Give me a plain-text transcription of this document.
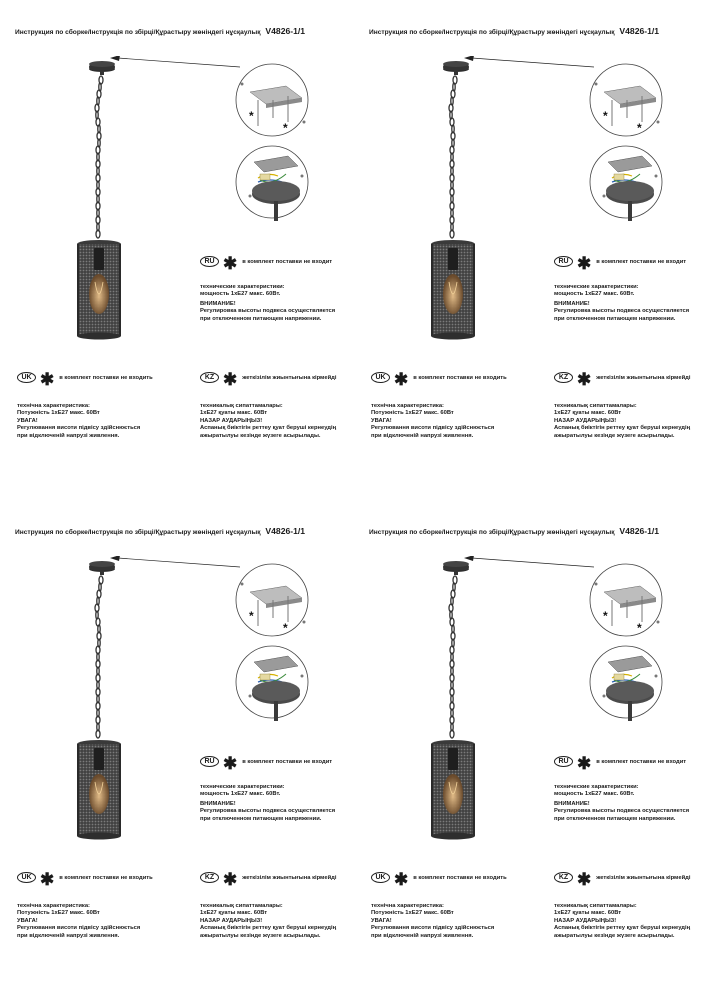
Инструкция по сборке/Інструкція по збірці/Құрастыру жөніндегі нұсқаулық V4826-1/1
*
*
RU ✱ в комплект поставки не входит
технические характеристики:
мощность 1хЕ27 макс. 60Вт.
ВНИМАНИЕ!
Регулировка высоты подвеса осуществляется
при отключенном питающем напряжении.
UK ✱ в комплект поставки не входить
технічна характеристика:
Потужність 1хЕ27 макс. 60Вт
УВАГА!
Регулювання висоти підвісу здійснюється
при відключеній напрузі живлення.
KZ ✱ жеткізілім жиынтығына кірмейді
техникалық сипаттамалары:
1хЕ27 қуаты макс. 60Вт
НАЗАР АУДАРЫҢЫЗ!
Аспанық биіктігін реттеу қуат беруші кернеудің
ажыратылуы кезінде жүзеге асырылады.
Инструкция по сборке/Інструкція по збірці/Құрастыру жөніндегі нұсқаулық V4826-1/1
*
*
RU ✱ в комплект поставки не входит
технические характеристики:
мощность 1хЕ27 макс. 60Вт.
ВНИМАНИЕ!
Регулировка высоты подвеса осуществляется
при отключенном питающем напряжении.
UK ✱ в комплект поставки не входить
технічна характеристика:
Потужність 1хЕ27 макс. 60Вт
УВАГА!
Регулювання висоти підвісу здійснюється
при відключеній напрузі живлення.
KZ ✱ жеткізілім жиынтығына кірмейді
техникалық сипаттамалары:
1хЕ27 қуаты макс. 60Вт
НАЗАР АУДАРЫҢЫЗ!
Аспанық биіктігін реттеу қуат беруші кернеудің
ажыратылуы кезінде жүзеге асырылады.
Инструкция по сборке/Інструкція по збірці/Құрастыру жөніндегі нұсқаулық V4826-1/1
*
*
RU ✱ в комплект поставки не входит
технические характеристики:
мощность 1хЕ27 макс. 60Вт.
ВНИМАНИЕ!
Регулировка высоты подвеса осуществляется
при отключенном питающем напряжении.
UK ✱ в комплект поставки не входить
технічна характеристика:
Потужність 1хЕ27 макс. 60Вт
УВАГА!
Регулювання висоти підвісу здійснюється
при відключеній напрузі живлення.
KZ ✱ жеткізілім жиынтығына кірмейді
техникалық сипаттамалары:
1хЕ27 қуаты макс. 60Вт
НАЗАР АУДАРЫҢЫЗ!
Аспанық биіктігін реттеу қуат беруші кернеудің
ажыратылуы кезінде жүзеге асырылады.
Инструкция по сборке/Інструкція по збірці/Құрастыру жөніндегі нұсқаулық V4826-1/1
*
*
RU ✱ в комплект поставки не входит
технические характеристики:
мощность 1хЕ27 макс. 60Вт.
ВНИМАНИЕ!
Регулировка высоты подвеса осуществляется
при отключенном питающем напряжении.
UK ✱ в комплект поставки не входить
технічна характеристика:
Потужність 1хЕ27 макс. 60Вт
УВАГА!
Регулювання висоти підвісу здійснюється
при відключеній напрузі живлення.
KZ ✱ жеткізілім жиынтығына кірмейді
техникалық сипаттамалары:
1хЕ27 қуаты макс. 60Вт
НАЗАР АУДАРЫҢЫЗ!
Аспанық биіктігін реттеу қуат беруші кернеудің
ажыратылуы кезінде жүзеге асырылады.
